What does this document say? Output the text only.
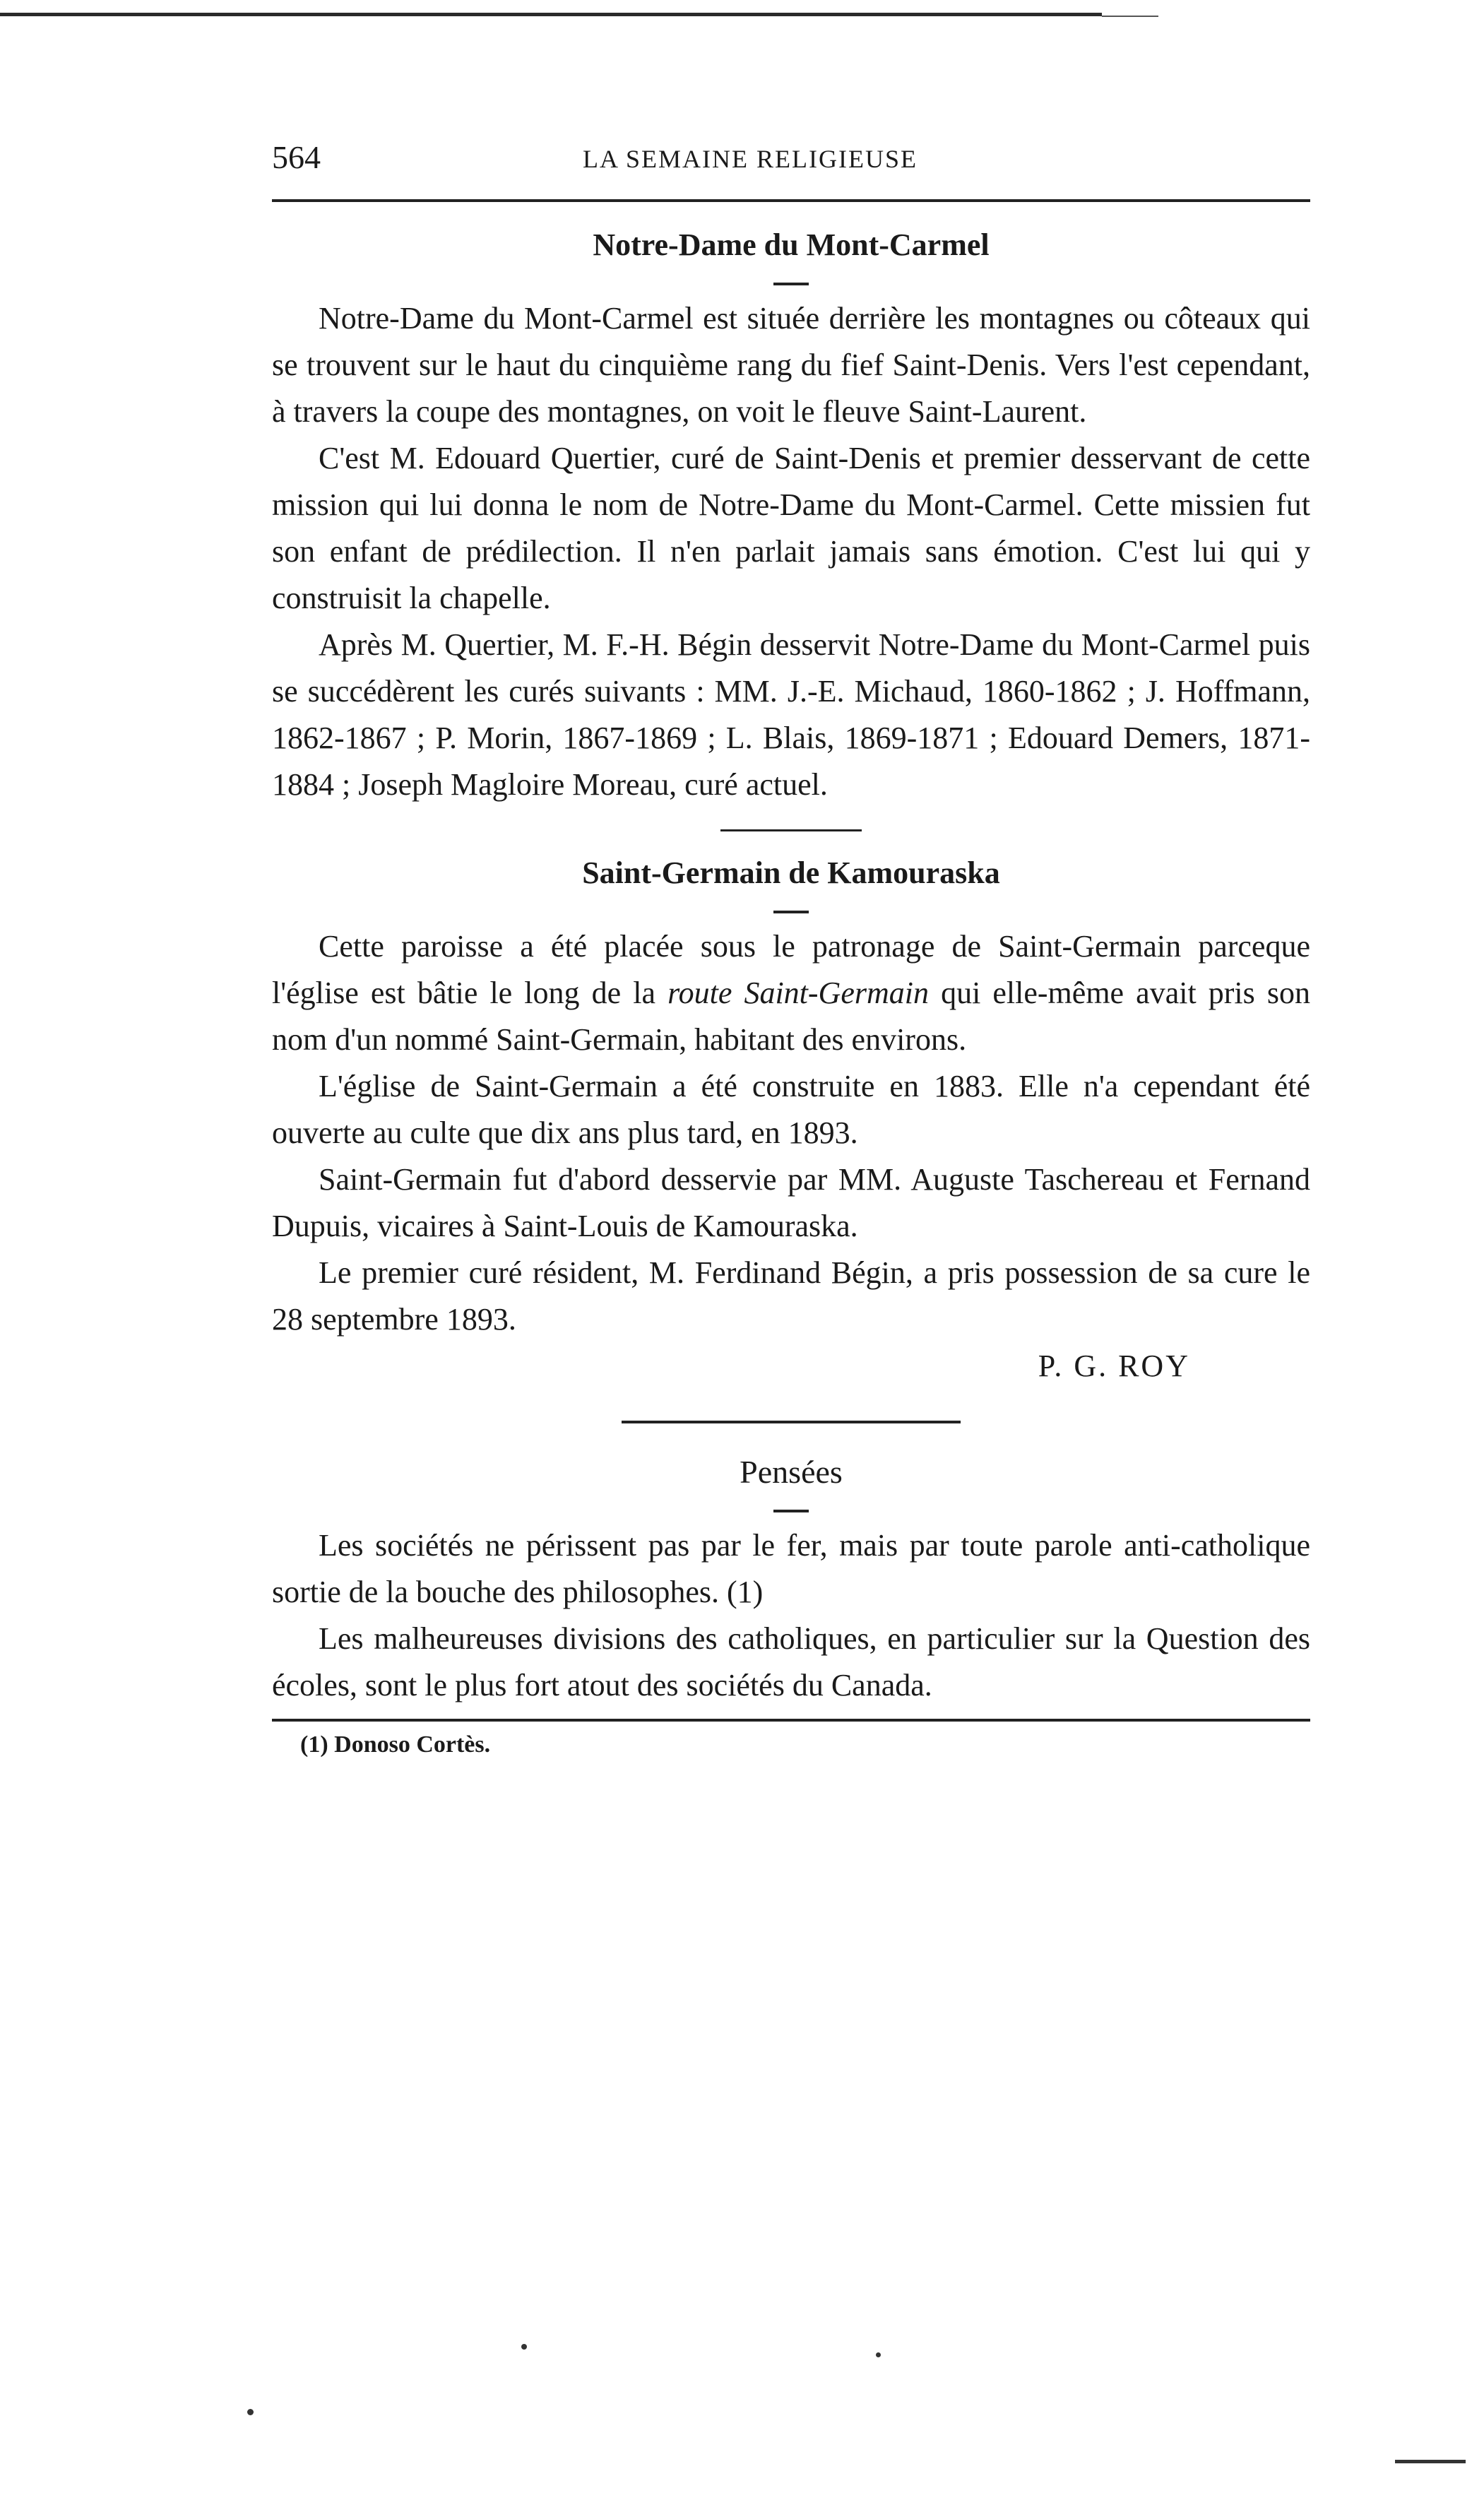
564	LA SEMAINE RELIGIEUSE
Notre-Dame du Mont-Carmel

Notre-Dame du Mont-Carmel est située derrière les montagnes ou côteaux qui se trouvent sur le haut du cinquième rang du fief Saint-Denis. Vers l'est cependant, à travers la coupe des montagnes, on voit le fleuve Saint-Laurent.

C'est M. Edouard Quertier, curé de Saint-Denis et premier desservant de cette mission qui lui donna le nom de Notre-Dame du Mont-Carmel. Cette missien fut son enfant de prédilection. Il n'en parlait jamais sans émotion. C'est lui qui y construisit la chapelle.

Après M. Quertier, M. F.-H. Bégin desservit Notre-Dame du Mont-Carmel puis se succédèrent les curés suivants : MM. J.-E. Michaud, 1860-1862 ; J. Hoffmann, 1862-1867 ; P. Morin, 1867-1869 ; L. Blais, 1869-1871 ; Edouard Demers, 1871-1884 ; Joseph Magloire Moreau, curé actuel.

Saint-Germain de Kamouraska

Cette paroisse a été placée sous le patronage de Saint-Germain parceque l'église est bâtie le long de la route Saint-Germain qui elle-même avait pris son nom d'un nommé Saint-Germain, habitant des environs.

L'église de Saint-Germain a été construite en 1883. Elle n'a cependant été ouverte au culte que dix ans plus tard, en 1893.

Saint-Germain fut d'abord desservie par MM. Auguste Taschereau et Fernand Dupuis, vicaires à Saint-Louis de Kamouraska.

Le premier curé résident, M. Ferdinand Bégin, a pris possession de sa cure le 28 septembre 1893.

P. G. ROY
Pensées

Les sociétés ne périssent pas par le fer, mais par toute parole anti-catholique sortie de la bouche des philosophes. (1)

Les malheureuses divisions des catholiques, en particulier sur la Question des écoles, sont le plus fort atout des sociétés du Canada.

(1) Donoso Cortès.
